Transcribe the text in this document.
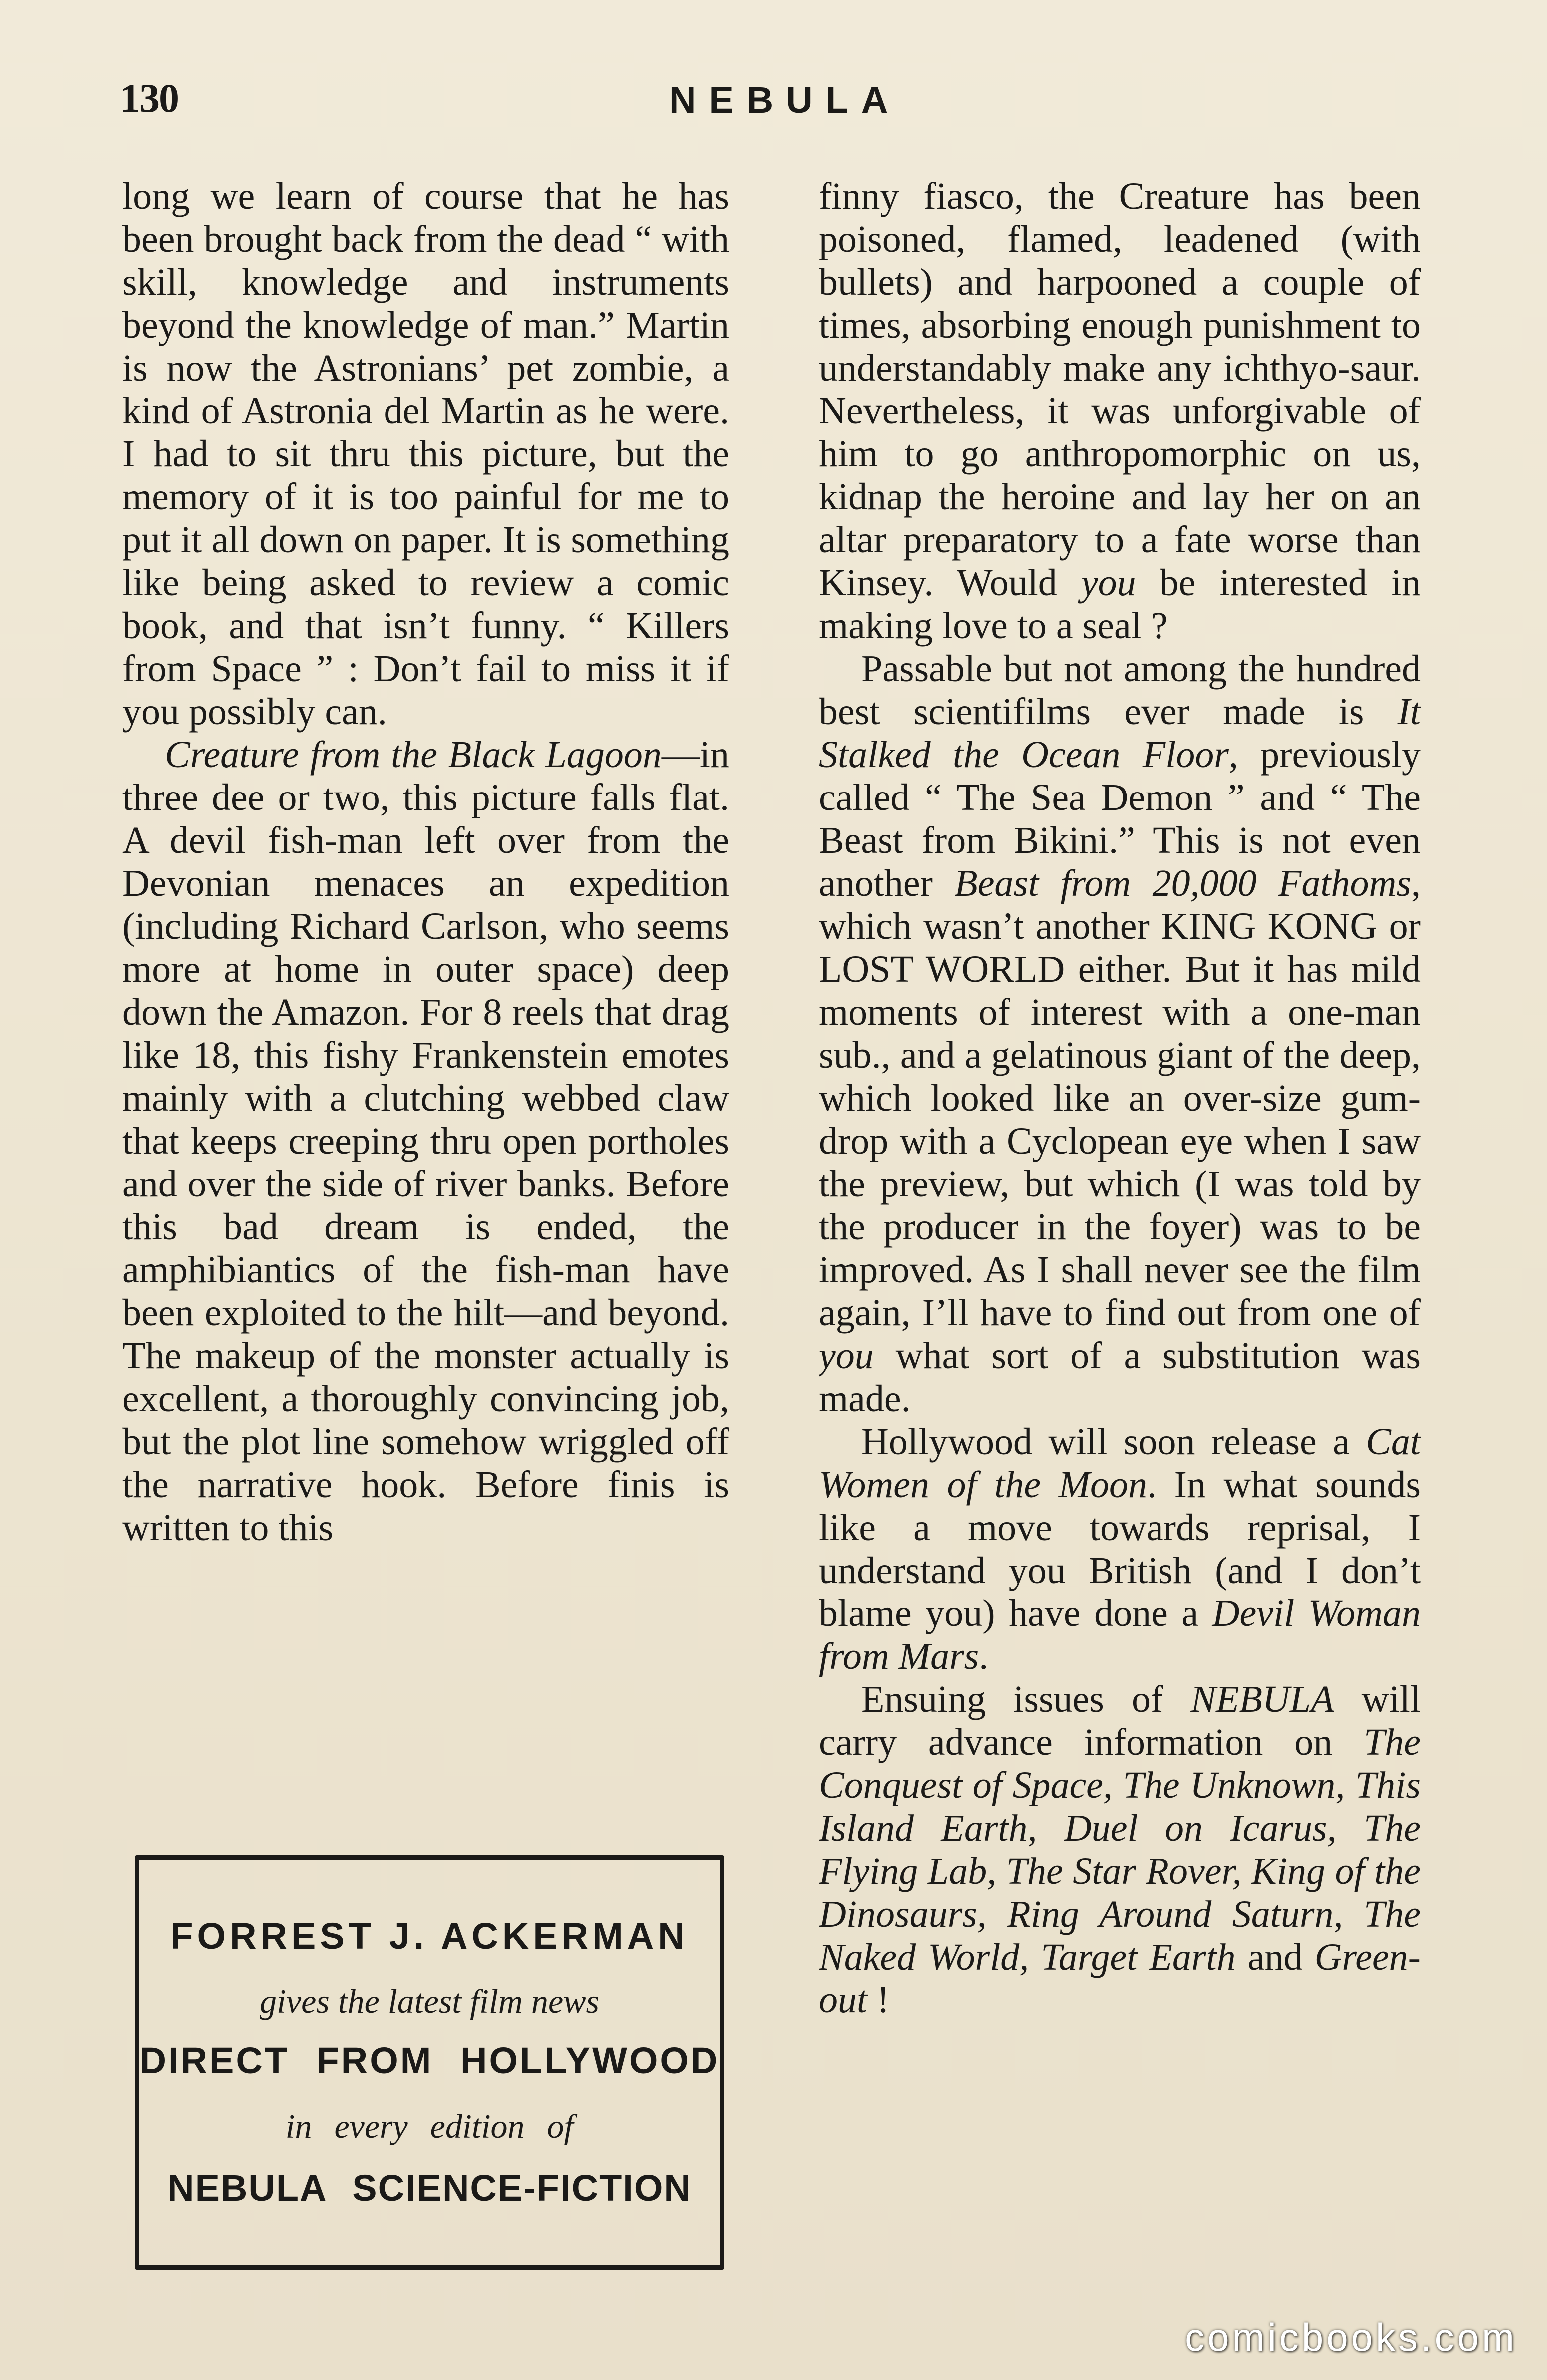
130	NEBULA

long we learn of course that he has been brought back from the dead “ with skill, knowledge and instruments beyond the knowledge of man.” Martin is now the Astronians’ pet zombie, a kind of Astronia del Martin as he were. I had to sit thru this picture, but the memory of it is too painful for me to put it all down on paper. It is something like being asked to review a comic book, and that isn’t funny. “ Killers from Space ” : Don’t fail to miss it if you possibly can.

Creature from the Black Lagoon—in three dee or two, this picture falls flat. A devil fish-man left over from the Devonian menaces an expedition (including Richard Carlson, who seems more at home in outer space) deep down the Amazon. For 8 reels that drag like 18, this fishy Frankenstein emotes mainly with a clutching webbed claw that keeps creeping thru open portholes and over the side of river banks. Before this bad dream is ended, the amphibiantics of the fish-man have been exploited to the hilt—and beyond. The makeup of the monster actually is excellent, a thoroughly convincing job, but the plot line somehow wriggled off the narrative hook. Before finis is written to this

FORREST J. ACKERMAN
gives the latest film news
DIRECT FROM HOLLYWOOD
in every edition of
NEBULA SCIENCE-FICTION

finny fiasco, the Creature has been poisoned, flamed, leadened (with bullets) and harpooned a couple of times, absorbing enough punishment to understandably make any ichthyo-saur. Nevertheless, it was unforgivable of him to go anthropomorphic on us, kidnap the heroine and lay her on an altar preparatory to a fate worse than Kinsey. Would you be interested in making love to a seal ?

Passable but not among the hundred best scientifilms ever made is It Stalked the Ocean Floor, previously called “ The Sea Demon ” and “ The Beast from Bikini.” This is not even another Beast from 20,000 Fathoms, which wasn’t another KING KONG or LOST WORLD either. But it has mild moments of interest with a one-man sub., and a gelatinous giant of the deep, which looked like an over-size gum-drop with a Cyclopean eye when I saw the preview, but which (I was told by the producer in the foyer) was to be improved. As I shall never see the film again, I’ll have to find out from one of you what sort of a substitution was made.

Hollywood will soon release a Cat Women of the Moon. In what sounds like a move towards reprisal, I understand you British (and I don’t blame you) have done a Devil Woman from Mars.

Ensuing issues of NEBULA will carry advance information on The Conquest of Space, The Unknown, This Island Earth, Duel on Icarus, The Flying Lab, The Star Rover, King of the Dinosaurs, Ring Around Saturn, The Naked World, Target Earth and Green-out !

comicbooks.com
